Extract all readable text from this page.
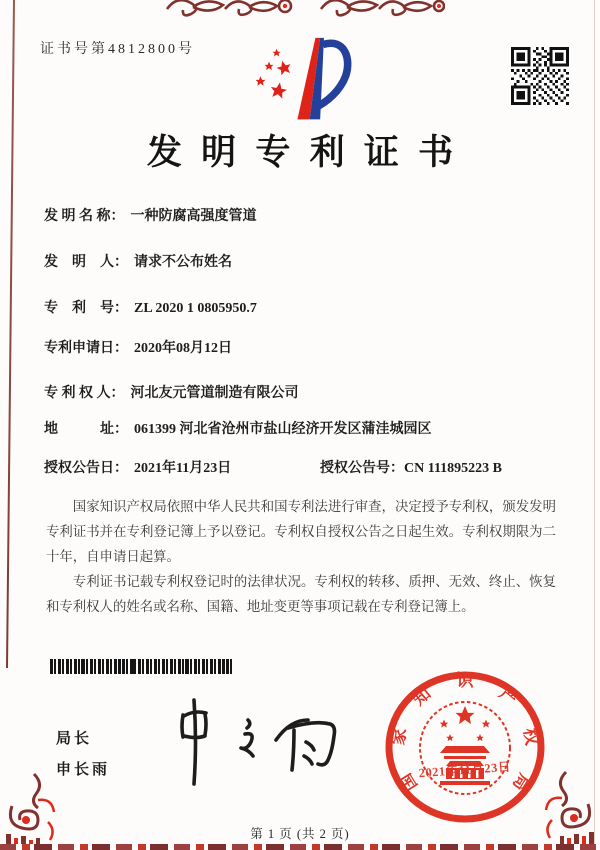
证书号第4812800号
发明专利证书
发 明 名 称： 一种防腐高强度管道
发　明　人： 请求不公布姓名
专　利　号： ZL 2020 1 0805950.7
专利申请日： 2020年08月12日
专 利 权 人： 河北友元管道制造有限公司
地　　　址： 061399 河北省沧州市盐山经济开发区蒲洼城园区
授权公告日： 2021年11月23日	授权公告号：CN 111895223 B

国家知识产权局依照中华人民共和国专利法进行审查，决定授予专利权，颁发发明专利证书并在专利登记簿上予以登记。专利权自授权公告之日起生效。专利权期限为二十年，自申请日起算。

专利证书记载专利权登记时的法律状况。专利权的转移、质押、无效、终止、恢复和专利权人的姓名或名称、国籍、地址变更等事项记载在专利登记簿上。

局长
申长雨	国
家
知
识
产
权
局
2021年11月23日
第 1 页 (共 2 页)
